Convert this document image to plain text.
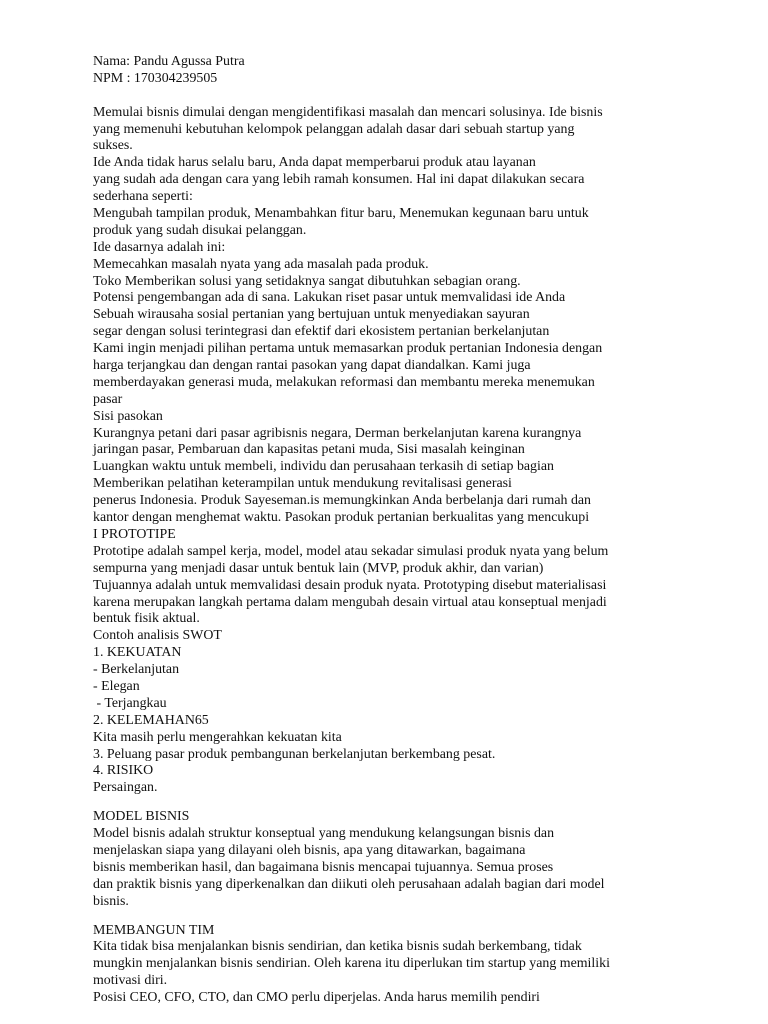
Nama: Pandu Agussa Putra
NPM : 170304239505
Memulai bisnis dimulai dengan mengidentifikasi masalah dan mencari solusinya. Ide bisnis
yang memenuhi kebutuhan kelompok pelanggan adalah dasar dari sebuah startup yang
sukses.
Ide Anda tidak harus selalu baru, Anda dapat memperbarui produk atau layanan
yang sudah ada dengan cara yang lebih ramah konsumen. Hal ini dapat dilakukan secara
sederhana seperti:
Mengubah tampilan produk, Menambahkan fitur baru, Menemukan kegunaan baru untuk
produk yang sudah disukai pelanggan.
Ide dasarnya adalah ini:
Memecahkan masalah nyata yang ada masalah pada produk.
Toko Memberikan solusi yang setidaknya sangat dibutuhkan sebagian orang.
Potensi pengembangan ada di sana. Lakukan riset pasar untuk memvalidasi ide Anda
Sebuah wirausaha sosial pertanian yang bertujuan untuk menyediakan sayuran
segar dengan solusi terintegrasi dan efektif dari ekosistem pertanian berkelanjutan
Kami ingin menjadi pilihan pertama untuk memasarkan produk pertanian Indonesia dengan
harga terjangkau dan dengan rantai pasokan yang dapat diandalkan. Kami juga
memberdayakan generasi muda, melakukan reformasi dan membantu mereka menemukan
pasar
Sisi pasokan
Kurangnya petani dari pasar agribisnis negara, Derman berkelanjutan karena kurangnya
jaringan pasar, Pembaruan dan kapasitas petani muda, Sisi masalah keinginan
Luangkan waktu untuk membeli, individu dan perusahaan terkasih di setiap bagian
Memberikan pelatihan keterampilan untuk mendukung revitalisasi generasi
penerus Indonesia. Produk Sayeseman.is memungkinkan Anda berbelanja dari rumah dan
kantor dengan menghemat waktu. Pasokan produk pertanian berkualitas yang mencukupi
I PROTOTIPE
Prototipe adalah sampel kerja, model, model atau sekadar simulasi produk nyata yang belum
sempurna yang menjadi dasar untuk bentuk lain (MVP, produk akhir, dan varian)
Tujuannya adalah untuk memvalidasi desain produk nyata. Prototyping disebut materialisasi
karena merupakan langkah pertama dalam mengubah desain virtual atau konseptual menjadi
bentuk fisik aktual.
Contoh analisis SWOT
1. KEKUATAN
- Berkelanjutan
- Elegan
- Terjangkau
2. KELEMAHAN65
Kita masih perlu mengerahkan kekuatan kita
3. Peluang pasar produk pembangunan berkelanjutan berkembang pesat.
4. RISIKO
Persaingan.
MODEL BISNIS
Model bisnis adalah struktur konseptual yang mendukung kelangsungan bisnis dan
menjelaskan siapa yang dilayani oleh bisnis, apa yang ditawarkan, bagaimana
bisnis memberikan hasil, dan bagaimana bisnis mencapai tujuannya. Semua proses
dan praktik bisnis yang diperkenalkan dan diikuti oleh perusahaan adalah bagian dari model
bisnis.
MEMBANGUN TIM
Kita tidak bisa menjalankan bisnis sendirian, dan ketika bisnis sudah berkembang, tidak
mungkin menjalankan bisnis sendirian. Oleh karena itu diperlukan tim startup yang memiliki
motivasi diri.
Posisi CEO, CFO, CTO, dan CMO perlu diperjelas. Anda harus memilih pendiri
